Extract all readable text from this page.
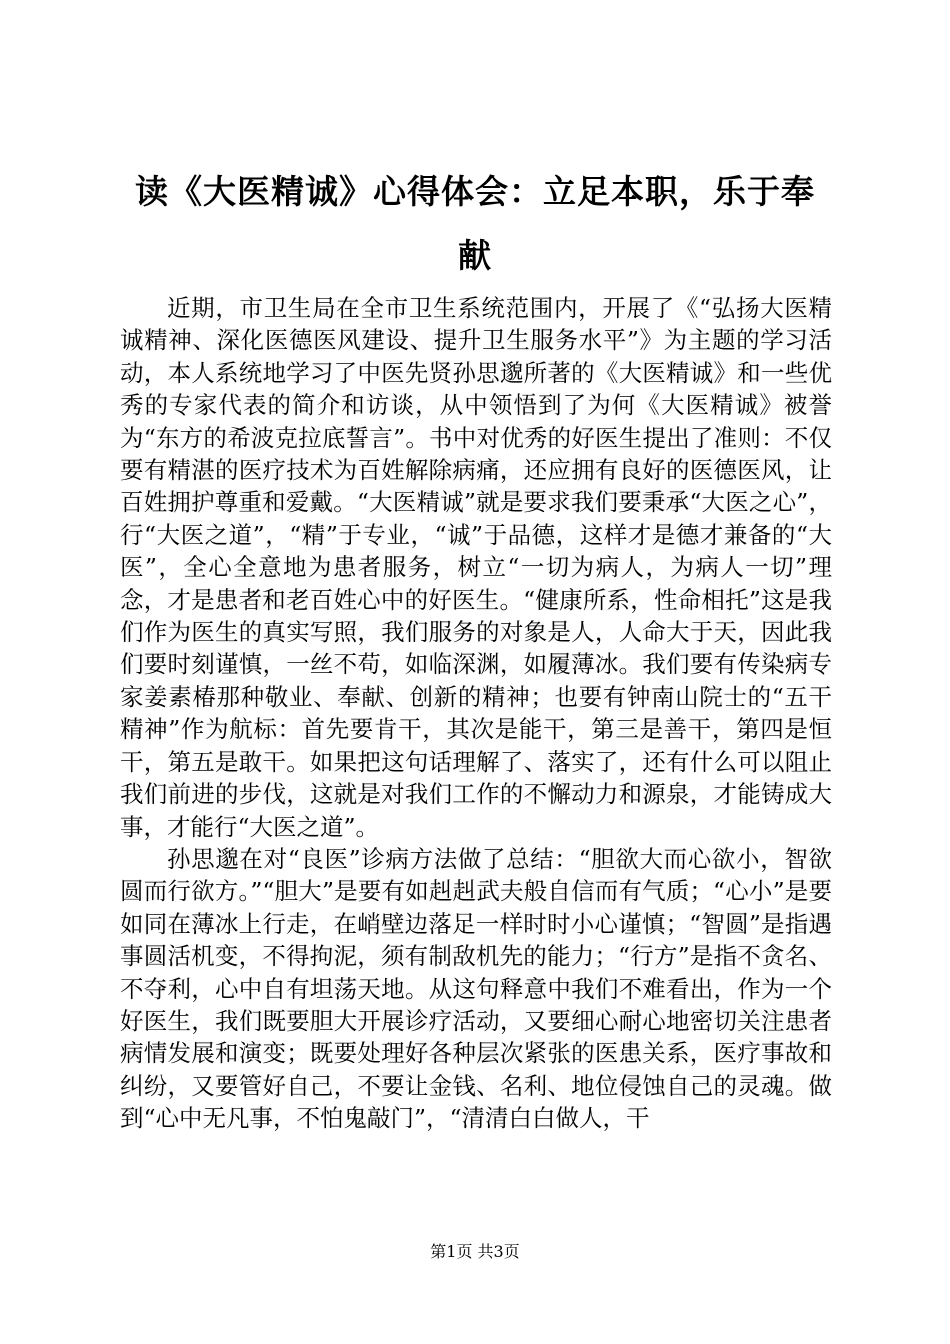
读《大医精诚》心得体会：立足本职，乐于奉献

近期，市卫生局在全市卫生系统范围内，开展了《“弘扬大医精诚精神、深化医德医风建设、提升卫生服务水平”》为主题的学习活动，本人系统地学习了中医先贤孙思邈所著的《大医精诚》和一些优秀的专家代表的简介和访谈，从中领悟到了为何《大医精诚》被誉为“东方的希波克拉底誓言”。书中对优秀的好医生提出了准则：不仅要有精湛的医疗技术为百姓解除病痛，还应拥有良好的医德医风，让百姓拥护尊重和爱戴。“大医精诚”就是要求我们要秉承“大医之心”，行“大医之道”，“精”于专业，“诚”于品德，这样才是德才兼备的“大医”，全心全意地为患者服务，树立“一切为病人，为病人一切”理念，才是患者和老百姓心中的好医生。“健康所系，性命相托”这是我们作为医生的真实写照，我们服务的对象是人，人命大于天，因此我们要时刻谨慎，一丝不苟，如临深渊，如履薄冰。我们要有传染病专家姜素椿那种敬业、奉献、创新的精神；也要有钟南山院士的“五干精神”作为航标：首先要肯干，其次是能干，第三是善干，第四是恒干，第五是敢干。如果把这句话理解了、落实了，还有什么可以阻止我们前进的步伐，这就是对我们工作的不懈动力和源泉，才能铸成大事，才能行“大医之道”。

孙思邈在对“良医”诊病方法做了总结：“胆欲大而心欲小，智欲圆而行欲方。”“胆大”是要有如赳赳武夫般自信而有气质；“心小”是要如同在薄冰上行走，在峭壁边落足一样时时小心谨慎；“智圆”是指遇事圆活机变，不得拘泥，须有制敌机先的能力；“行方”是指不贪名、不夺利，心中自有坦荡天地。从这句释意中我们不难看出，作为一个好医生，我们既要胆大开展诊疗活动，又要细心耐心地密切关注患者病情发展和演变；既要处理好各种层次紧张的医患关系，医疗事故和纠纷，又要管好自己，不要让金钱、名利、地位侵蚀自己的灵魂。做到“心中无凡事，不怕鬼敲门”，“清清白白做人，干

第1页 共3页
